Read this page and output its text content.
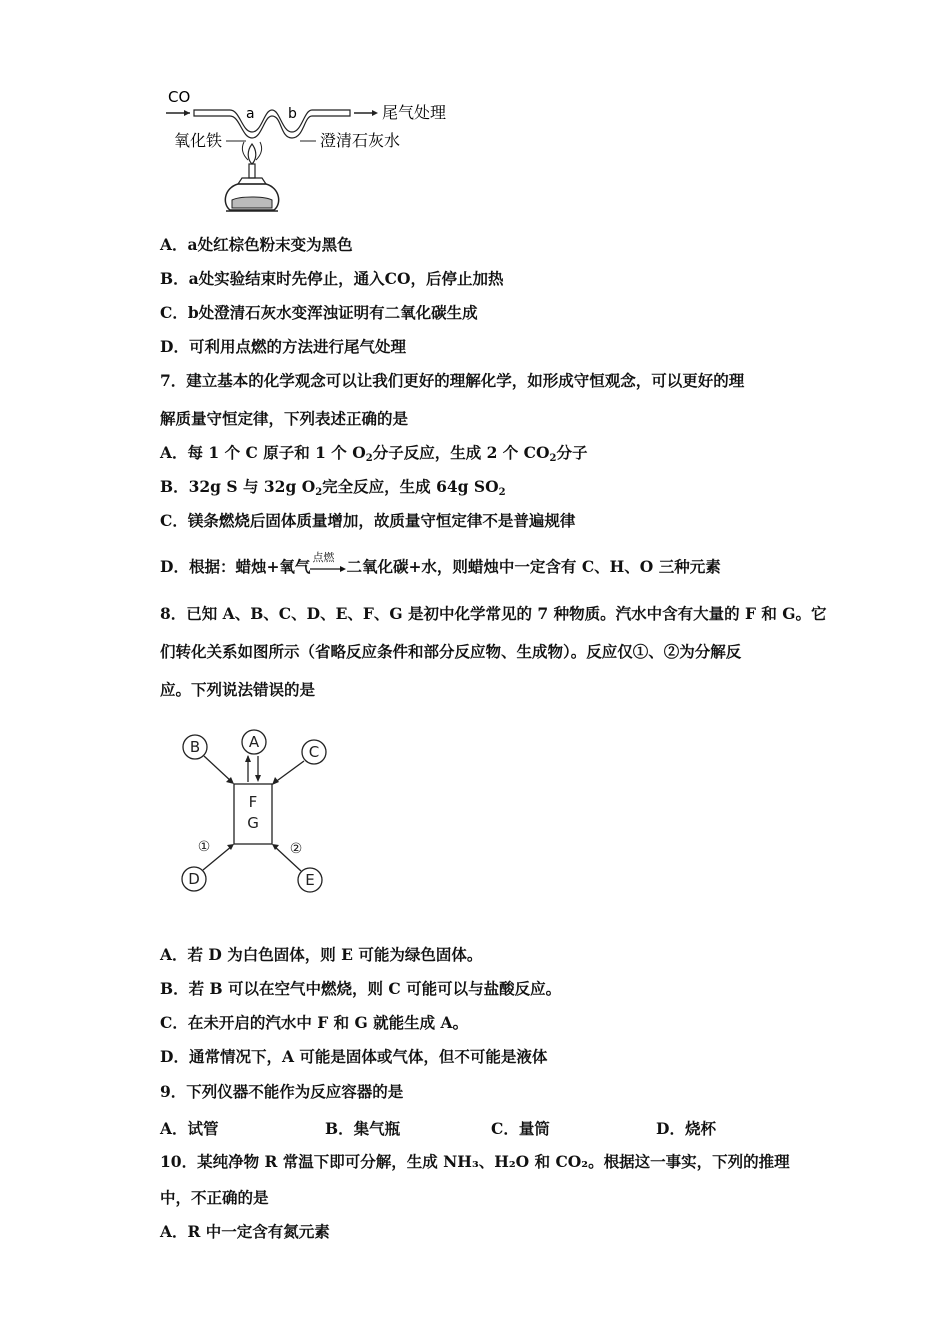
CO
a b	尾气处理
氧化铁	澄清石灰水
A．a处红棕色粉末变为黑色
B．a处实验结束时先停止，通入CO，后停止加热
C．b处澄清石灰水变浑浊证明有二氧化碳生成
D．可利用点燃的方法进行尾气处理
7．建立基本的化学观念可以让我们更好的理解化学，如形成守恒观念，可以更好的理
解质量守恒定律，下列表述正确的是
A．每 1 个 C 原子和 1 个 $O_2$分子反应，生成 2 个 $CO_2$分子
B．32g S 与 32g $O_2$完全反应，生成 64g $SO_2$
C．镁条燃烧后固体质量增加，故质量守恒定律不是普遍规律
D．根据：蜡烛+氧气 点燃 二氧化碳+水，则蜡烛中一定含有 C、H、O 三种元素
8．已知 A、B、C、D、E、F、G 是初中化学常见的 7 种物质。汽水中含有大量的 F 和 G。它
们转化关系如图所示（省略反应条件和部分反应物、生成物）。反应仅①、②为分解反
应。下列说法错误的是
B	A
C
F
G
D	E
①	②
A．若 D 为白色固体，则 E 可能为绿色固体。
B．若 B 可以在空气中燃烧，则 C 可能可以与盐酸反应。
C．在未开启的汽水中 F 和 G 就能生成 A。
D．通常情况下，A 可能是固体或气体，但不可能是液体
9．下列仪器不能作为反应容器的是
A．试管	B．集气瓶	C．量筒	D．烧杯
10．某纯净物 R 常温下即可分解，生成 NH₃、H₂O 和 CO₂。根据这一事实，下列的推理
中，不正确的是
A．R 中一定含有氮元素
